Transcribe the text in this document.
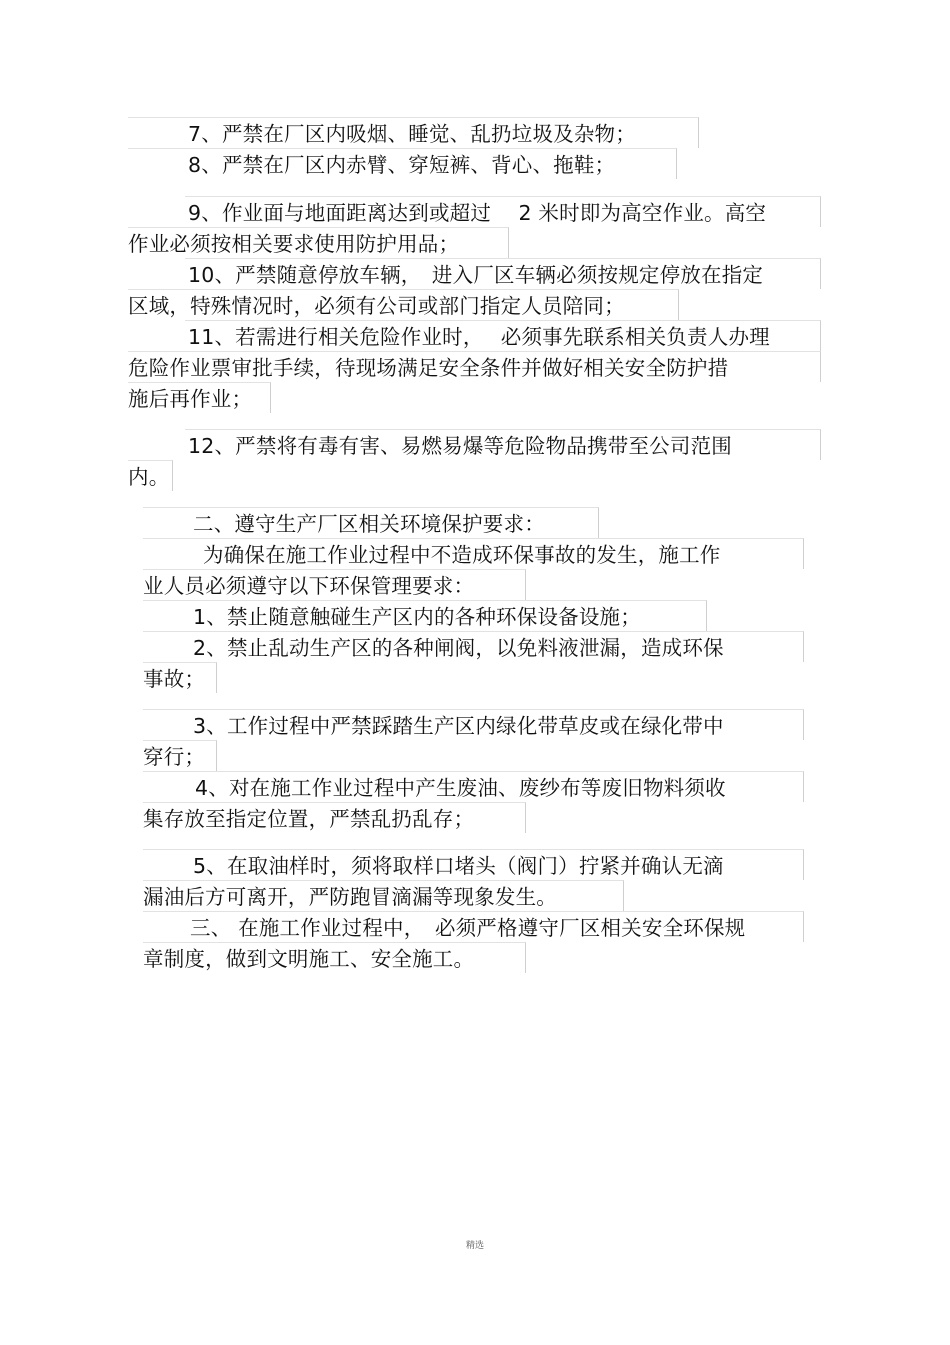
7、严禁在厂区内吸烟、睡觉、乱扔垃圾及杂物；
8、严禁在厂区内赤臂、穿短裤、背心、拖鞋；
9、作业面与地面距离达到或超过　 2 米时即为高空作业。高空
作业必须按相关要求使用防护用品；
10、严禁随意停放车辆，　进入厂区车辆必须按规定停放在指定
区域，特殊情况时，必须有公司或部门指定人员陪同；
11、若需进行相关危险作业时，　 必须事先联系相关负责人办理
危险作业票审批手续，待现场满足安全条件并做好相关安全防护措
施后再作业；
12、严禁将有毒有害、易燃易爆等危险物品携带至公司范围
内。
二、遵守生产厂区相关环境保护要求：
为确保在施工作业过程中不造成环保事故的发生，施工作
业人员必须遵守以下环保管理要求：
1、禁止随意触碰生产区内的各种环保设备设施；
2、禁止乱动生产区的各种闸阀，以免料液泄漏，造成环保
事故；
3、工作过程中严禁踩踏生产区内绿化带草皮或在绿化带中
穿行；
4、对在施工作业过程中产生废油、废纱布等废旧物料须收
集存放至指定位置，严禁乱扔乱存；
5、在取油样时，须将取样口堵头（阀门）拧紧并确认无滴
漏油后方可离开，严防跑冒滴漏等现象发生。
三、 在施工作业过程中，　必须严格遵守厂区相关安全环保规
章制度，做到文明施工、安全施工。
精选
